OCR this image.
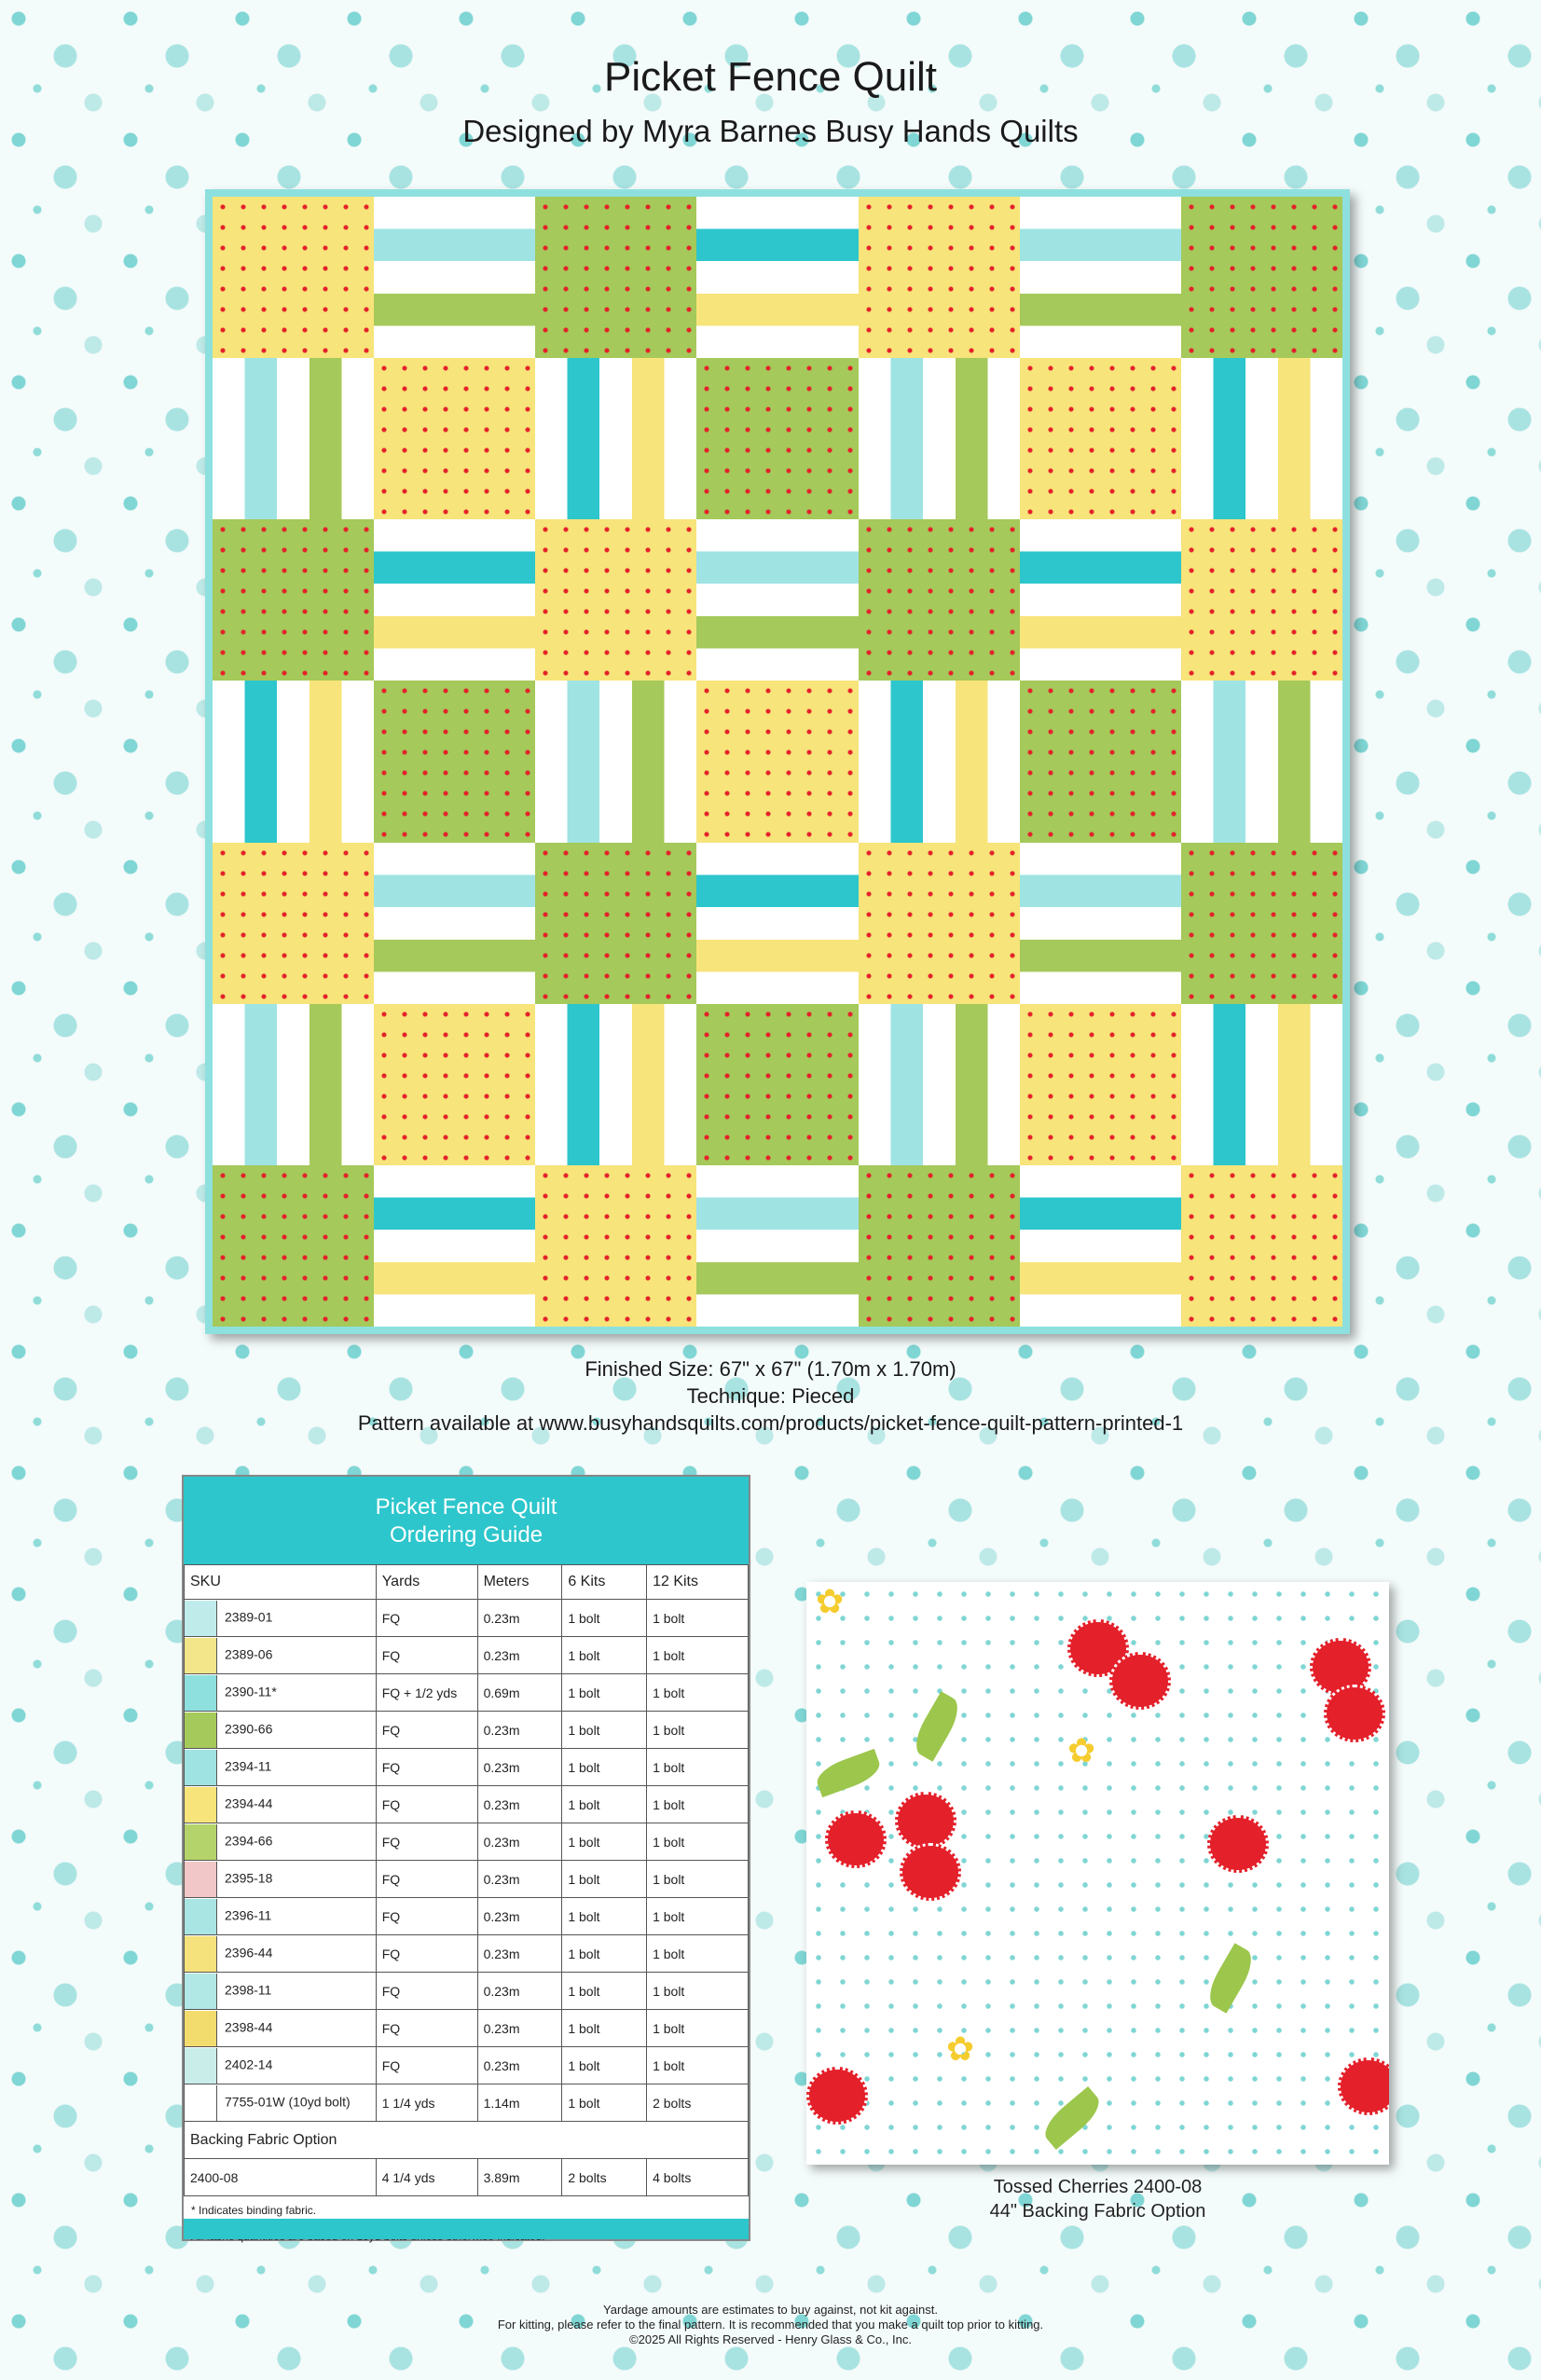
Picket Fence Quilt
Designed by Myra Barnes Busy Hands Quilts
Finished Size: 67" x 67" (1.70m x 1.70m)
Technique: Pieced
Pattern available at www.busyhandsquilts.com/products/picket-fence-quilt-pattern-printed-1
Picket Fence Quilt
Ordering Guide
SKU	Yards	Meters	6 Kits	12 Kits
2389-01	FQ	0.23m	1 bolt	1 bolt
2389-06	FQ	0.23m	1 bolt	1 bolt
2390-11*	FQ + 1/2 yds	0.69m	1 bolt	1 bolt
2390-66	FQ	0.23m	1 bolt	1 bolt
2394-11	FQ	0.23m	1 bolt	1 bolt
2394-44	FQ	0.23m	1 bolt	1 bolt
2394-66	FQ	0.23m	1 bolt	1 bolt
2395-18	FQ	0.23m	1 bolt	1 bolt
2396-11	FQ	0.23m	1 bolt	1 bolt
2396-44	FQ	0.23m	1 bolt	1 bolt
2398-11	FQ	0.23m	1 bolt	1 bolt
2398-44	FQ	0.23m	1 bolt	1 bolt
2402-14	FQ	0.23m	1 bolt	1 bolt
7755-01W (10yd bolt)	1 1/4 yds	1.14m	1 bolt	2 bolts
Backing Fabric Option				
2400-08	4 1/4 yds	3.89m	2 bolts	4 bolts
* Indicates binding fabric.
✿
✿
✿
Tossed Cherries 2400-08
44" Backing Fabric Option
Yardage amounts are estimates to buy against, not kit against.
For kitting, please refer to the final pattern. It is recommended that you make a quilt top prior to kitting.
©2025 All Rights Reserved - Henry Glass & Co., Inc.
